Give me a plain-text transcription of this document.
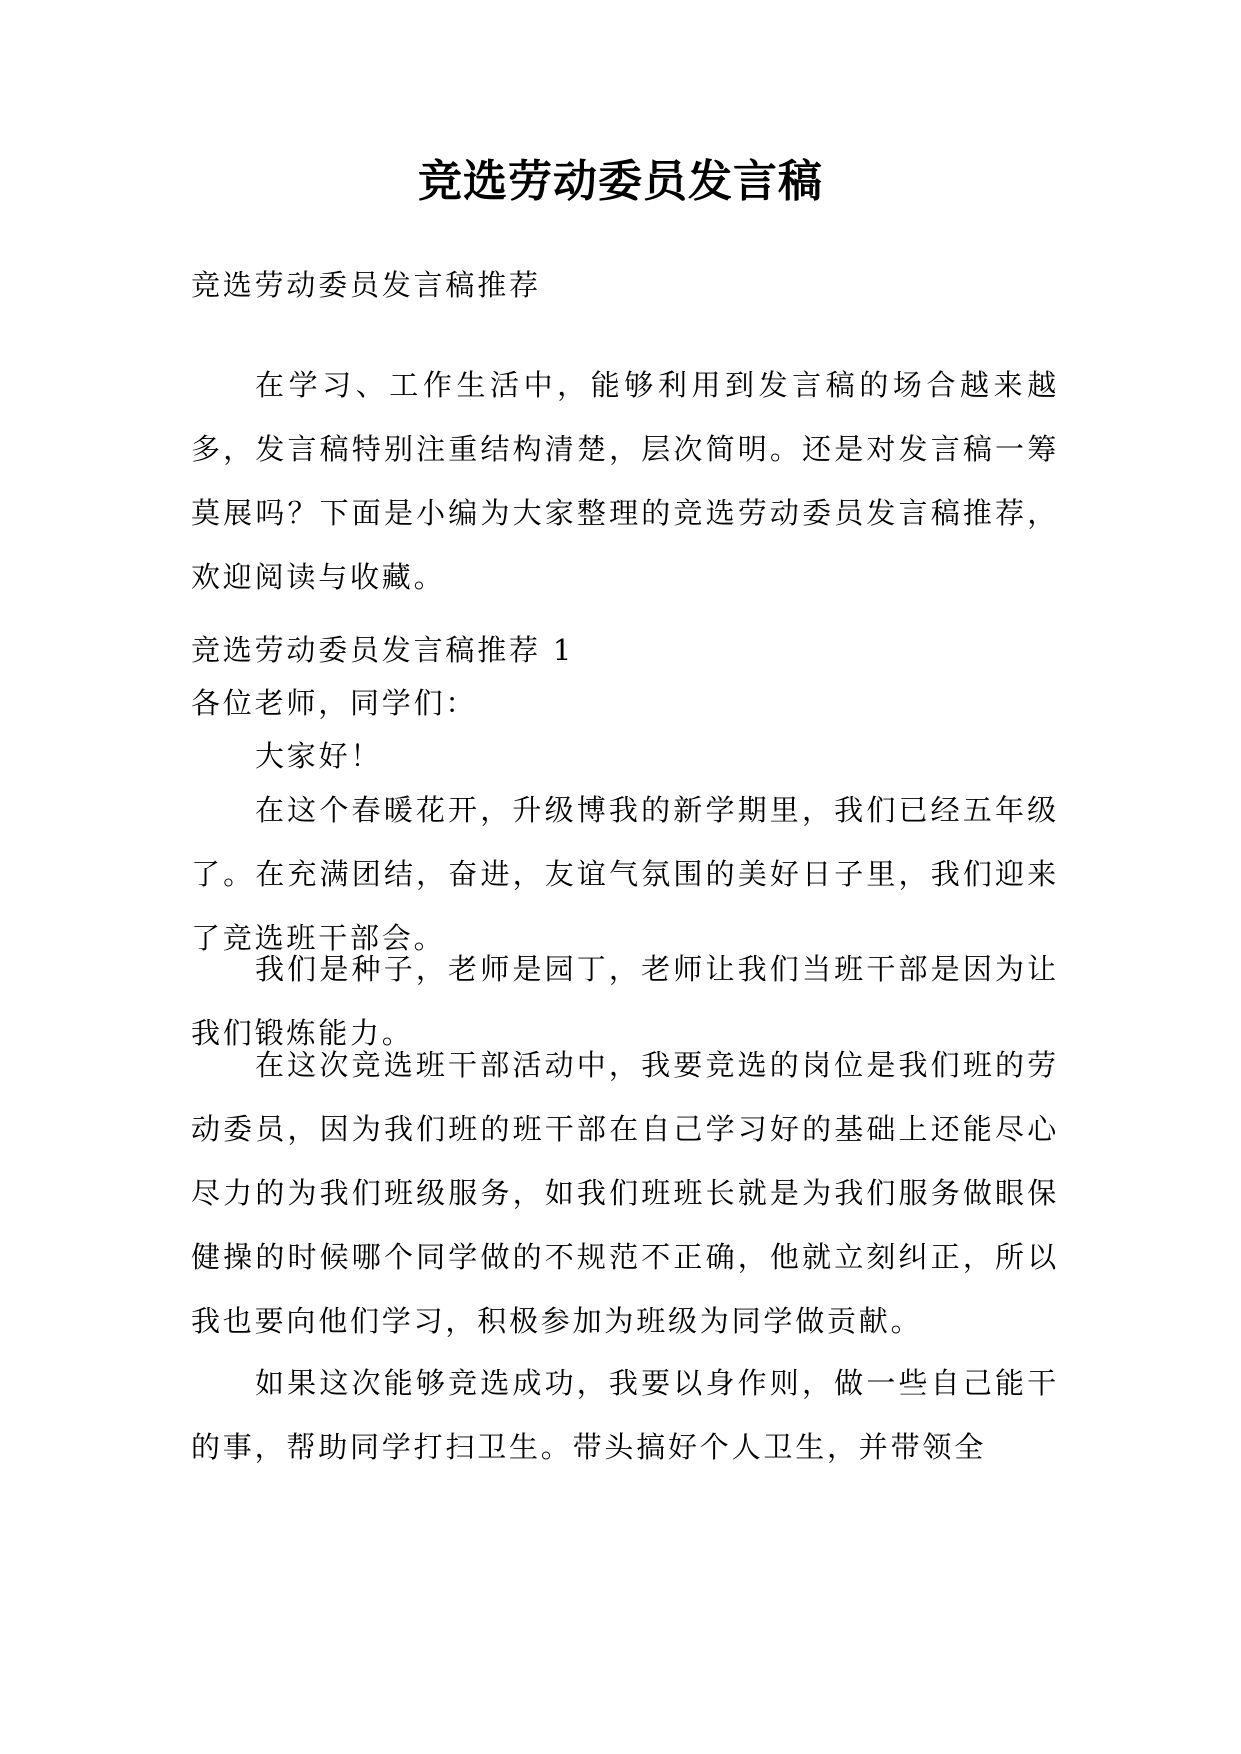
竞选劳动委员发言稿
竞选劳动委员发言稿推荐
在学习、工作生活中，能够利用到发言稿的场合越来越多，发言稿特别注重结构清楚，层次简明。还是对发言稿一筹莫展吗？下面是小编为大家整理的竞选劳动委员发言稿推荐，欢迎阅读与收藏。
竞选劳动委员发言稿推荐 1
各位老师，同学们：
大家好！
在这个春暖花开，升级博我的新学期里，我们已经五年级了。在充满团结，奋进，友谊气氛围的美好日子里，我们迎来了竞选班干部会。
我们是种子，老师是园丁，老师让我们当班干部是因为让我们锻炼能力。
在这次竞选班干部活动中，我要竞选的岗位是我们班的劳动委员，因为我们班的班干部在自己学习好的基础上还能尽心尽力的为我们班级服务，如我们班班长就是为我们服务做眼保健操的时候哪个同学做的不规范不正确，他就立刻纠正，所以我也要向他们学习，积极参加为班级为同学做贡献。
如果这次能够竞选成功，我要以身作则，做一些自己能干的事，帮助同学打扫卫生。带头搞好个人卫生，并带领全
